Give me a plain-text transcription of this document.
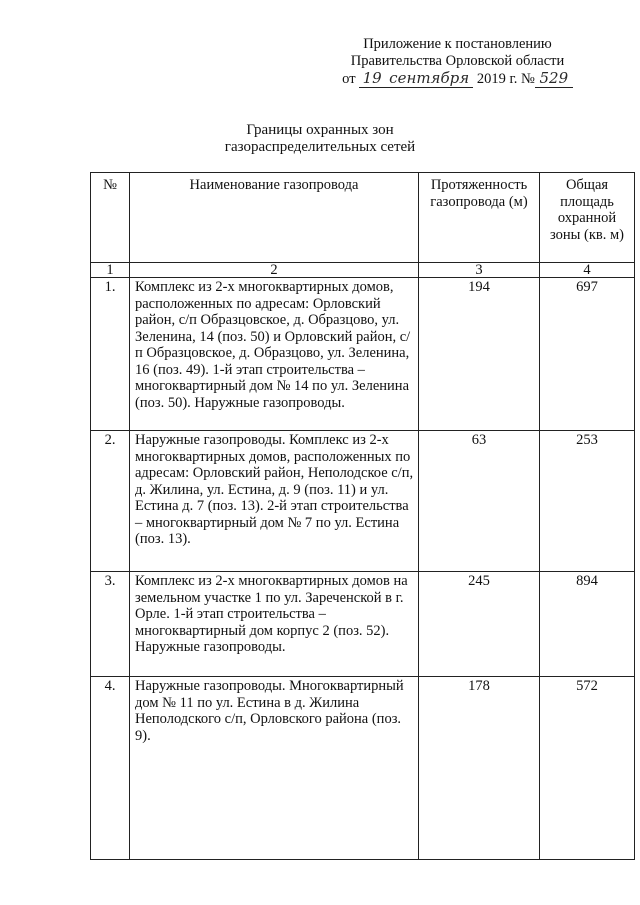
Приложение к постановлению
Правительства Орловской области
от
19 сентября
2019 г. № 529
Границы охранных зон
газораспределительных сетей
№	Наименование газопровода	Протяженность газопровода (м)	Общая площадь охранной зоны (кв. м)
1	2	3	4
1.	Комплекс из 2-х многоквартирных домов, расположенных по адресам: Орловский район, с/п Образцовское, д. Образцово, ул. Зеленина, 14 (поз. 50) и Орловский район, с/п Образцовское, д. Образцово, ул. Зеленина, 16 (поз. 49). 1-й этап строительства – многоквартирный дом № 14 по ул. Зеленина (поз. 50). Наружные газопроводы.	194	697
2.	Наружные газопроводы. Комплекс из 2-х многоквартирных домов, расположенных по адресам: Орловский район, Неполодское с/п, д. Жилина, ул. Естина, д. 9 (поз. 11) и ул. Естина д. 7 (поз. 13). 2-й этап строительства – многоквартирный дом № 7 по ул. Естина (поз. 13).	63	253
3.	Комплекс из 2-х многоквартирных домов на земельном участке 1 по ул. Зареченской в г. Орле. 1-й этап строительства – многоквартирный дом корпус 2 (поз. 52). Наружные газопроводы.	245	894
4.	Наружные газопроводы. Многоквартирный дом № 11 по ул. Естина в д. Жилина Неполодского с/п, Орловского района (поз. 9).	178	572
